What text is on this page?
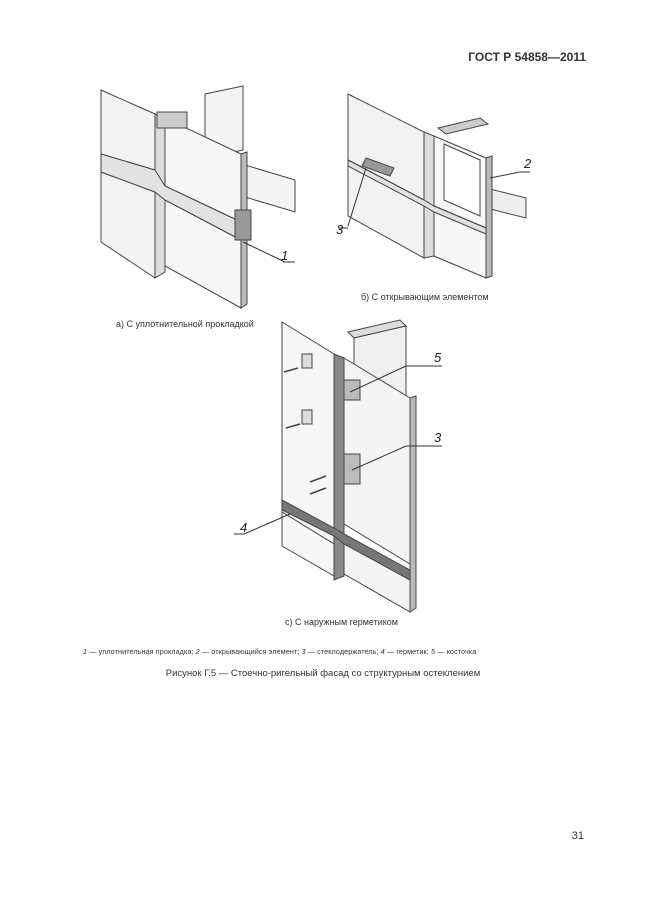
ГОСТ Р 54858—2011
1
а) С уплотнительной прокладкой
2
3
б) С открывающим элементом
5
3
4
с) С наружным герметиком
1 — уплотнительная прокладка; 2 — открывающийся элемент; 3 — стеклодержатель; 4 — герметик; 5 — косточка
Рисунок Г.5 — Стоечно-ригельный фасад со структурным остеклением
31
